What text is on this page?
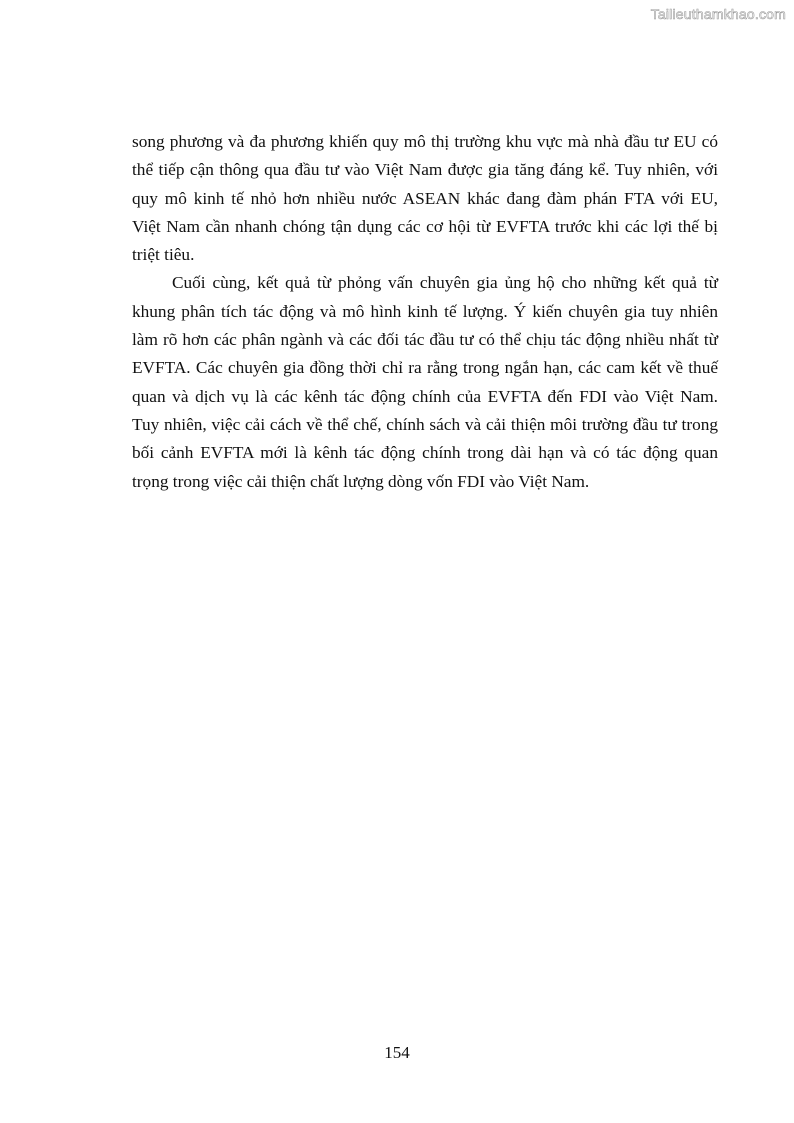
Tailieuthamkhao.com
song phương và đa phương khiến quy mô thị trường khu vực mà nhà đầu tư EU có
thể tiếp cận thông qua đầu tư vào Việt Nam được gia tăng đáng kể. Tuy nhiên, với
quy mô kinh tế nhỏ hơn nhiều nước ASEAN khác đang đàm phán FTA với EU,
Việt Nam cần nhanh chóng tận dụng các cơ hội từ EVFTA trước khi các lợi thế bị
triệt tiêu.
Cuối cùng, kết quả từ phỏng vấn chuyên gia ủng hộ cho những kết quả từ
khung phân tích tác động và mô hình kinh tế lượng. Ý kiến chuyên gia tuy nhiên
làm rõ hơn các phân ngành và các đối tác đầu tư có thể chịu tác động nhiều nhất từ
EVFTA. Các chuyên gia đồng thời chỉ ra rằng trong ngắn hạn, các cam kết về thuế
quan và dịch vụ là các kênh tác động chính của EVFTA đến FDI vào Việt Nam.
Tuy nhiên, việc cải cách về thể chế, chính sách và cải thiện môi trường đầu tư trong
bối cảnh EVFTA mới là kênh tác động chính trong dài hạn và có tác động quan
trọng trong việc cải thiện chất lượng dòng vốn FDI vào Việt Nam.
154
